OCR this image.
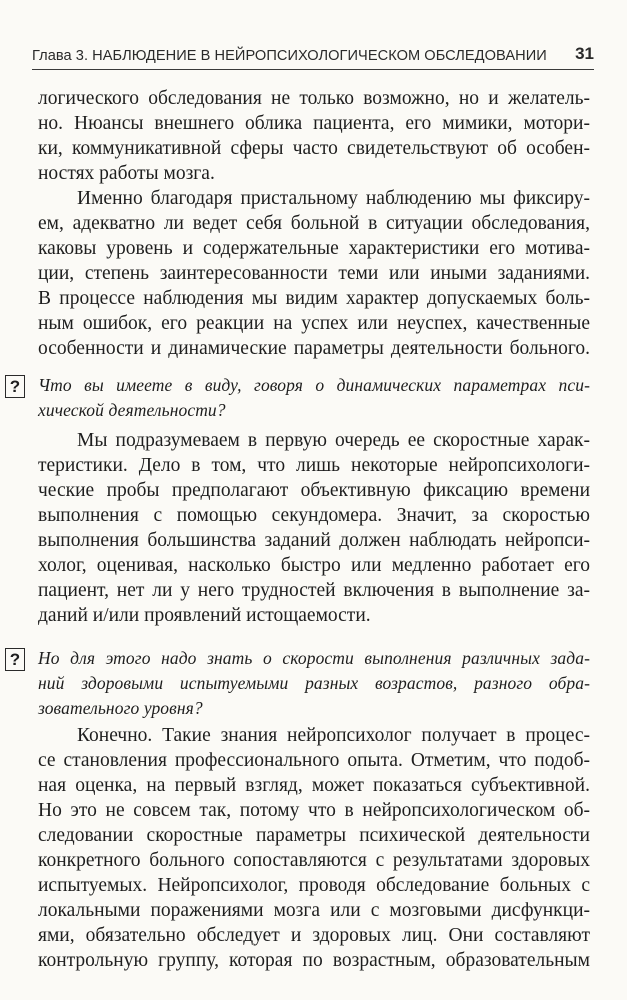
Глава 3. НАБЛЮДЕНИЕ В НЕЙРОПСИХОЛОГИЧЕСКОМ ОБСЛЕДОВАНИИ 31
логического обследования не только возможно, но и желатель-
но. Нюансы внешнего облика пациента, его мимики, мотори-
ки, коммуникативной сферы часто свидетельствуют об особен-
ностях работы мозга.
Именно благодаря пристальному наблюдению мы фиксиру-
ем, адекватно ли ведет себя больной в ситуации обследования,
каковы уровень и содержательные характеристики его мотива-
ции, степень заинтересованности теми или иными заданиями.
В процессе наблюдения мы видим характер допускаемых боль-
ным ошибок, его реакции на успех или неуспех, качественные
особенности и динамические параметры деятельности больного.
? Что вы имеете в виду, говоря о динамических параметрах пси-
хической деятельности?
Мы подразумеваем в первую очередь ее скоростные харак-
теристики. Дело в том, что лишь некоторые нейропсихологи-
ческие пробы предполагают объективную фиксацию времени
выполнения с помощью секундомера. Значит, за скоростью
выполнения большинства заданий должен наблюдать нейропси-
холог, оценивая, насколько быстро или медленно работает его
пациент, нет ли у него трудностей включения в выполнение за-
даний и/или проявлений истощаемости.
? Но для этого надо знать о скорости выполнения различных зада-
ний здоровыми испытуемыми разных возрастов, разного обра-
зовательного уровня?
Конечно. Такие знания нейропсихолог получает в процес-
се становления профессионального опыта. Отметим, что подоб-
ная оценка, на первый взгляд, может показаться субъективной.
Но это не совсем так, потому что в нейропсихологическом об-
следовании скоростные параметры психической деятельности
конкретного больного сопоставляются с результатами здоровых
испытуемых. Нейропсихолог, проводя обследование больных с
локальными поражениями мозга или с мозговыми дисфункци-
ями, обязательно обследует и здоровых лиц. Они составляют
контрольную группу, которая по возрастным, образовательным
